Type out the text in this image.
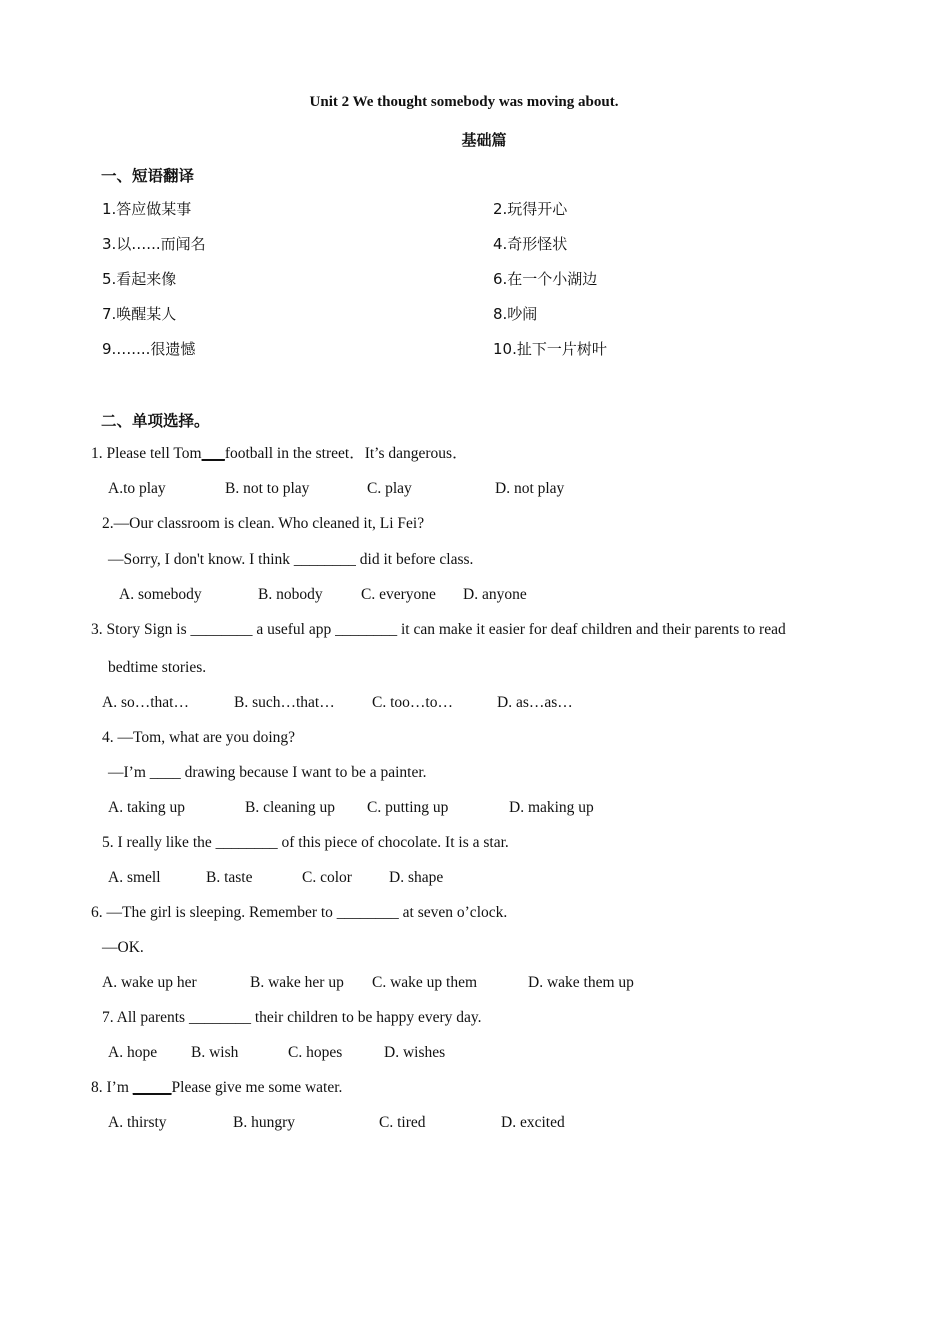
Unit 2 We thought somebody was moving about.
基础篇
一、短语翻译
1.答应做某事	2.玩得开心
3.以…...而闻名	4.奇形怪状
5.看起来像	6.在一个小湖边
7.唤醒某人	8.吵闹
9.…....很遗憾	10.扯下一片树叶
二、单项选择。
1. Please tell Tom___football in the street．It’s dangerous．
A.to play	B. not to play	C. play	D. not play
2.—Our classroom is clean. Who cleaned it, Li Fei?
—Sorry, I don't know. I think ________ did it before class.
A. somebody	B. nobody C. everyone D. anyone
3. Story Sign is ________ a useful app ________ it can make it easier for deaf children and their parents to read
bedtime stories.
A. so…that…	B. such…that… C. too…to…	D. as…as…
4. —Tom, what are you doing?
—I’m ____ drawing because I want to be a painter.
A. taking up	B. cleaning up C. putting up	D. making up
5. I really like the ________ of this piece of chocolate. It is a star.
A. smell	B. taste	C. color D. shape
6. —The girl is sleeping. Remember to ________ at seven o’clock.
—OK.
A. wake up her	B. wake her up C. wake up them	D. wake them up
7. All parents ________ their children to be happy every day.
A. hope B. wish	C. hopes	D. wishes
8. I’m _____Please give me some water.
A. thirsty	B. hungry	C. tired	D. excited
